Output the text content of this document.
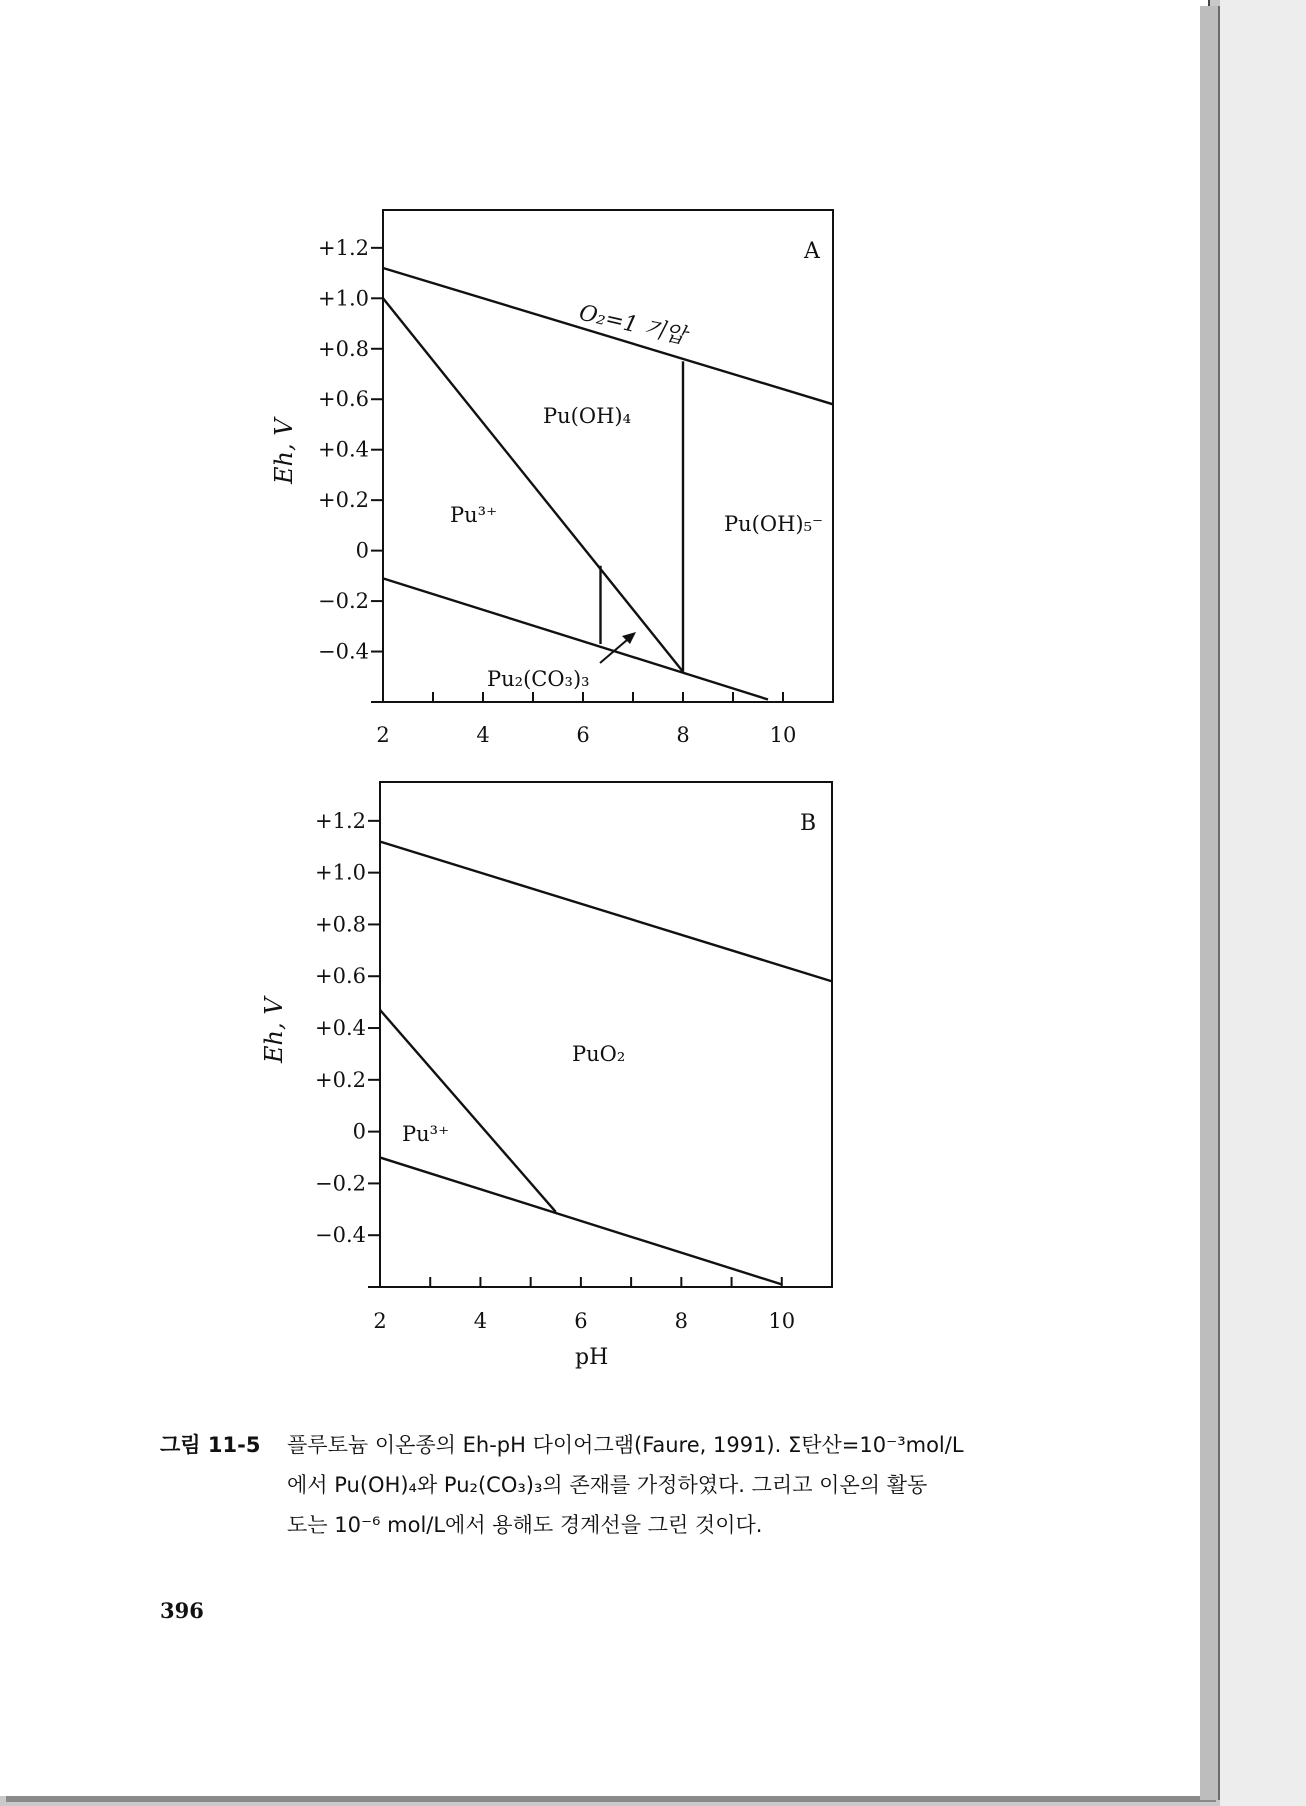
A
Eh, V
+1.2
+1.0
+0.8
+0.6
+0.4
+0.2
0
−0.2
−0.4
2	4	6	8	10
O₂=1 기압
Pu(OH)₄
Pu³⁺	Pu(OH)₅⁻
Pu₂(CO₃)₃
B
Eh, V
+1.2
+1.0
+0.8
+0.6
+0.4
+0.2
0
−0.2
−0.4
2	4	6	8	10
PuO₂
Pu³⁺
pH
그림 11-5	플루토늄 이온종의 Eh-pH 다이어그램(Faure, 1991). Σ탄산=10⁻³mol/L
에서 Pu(OH)₄와 Pu₂(CO₃)₃의 존재를 가정하였다. 그리고 이온의 활동
도는 10⁻⁶ mol/L에서 용해도 경계선을 그린 것이다.
396
